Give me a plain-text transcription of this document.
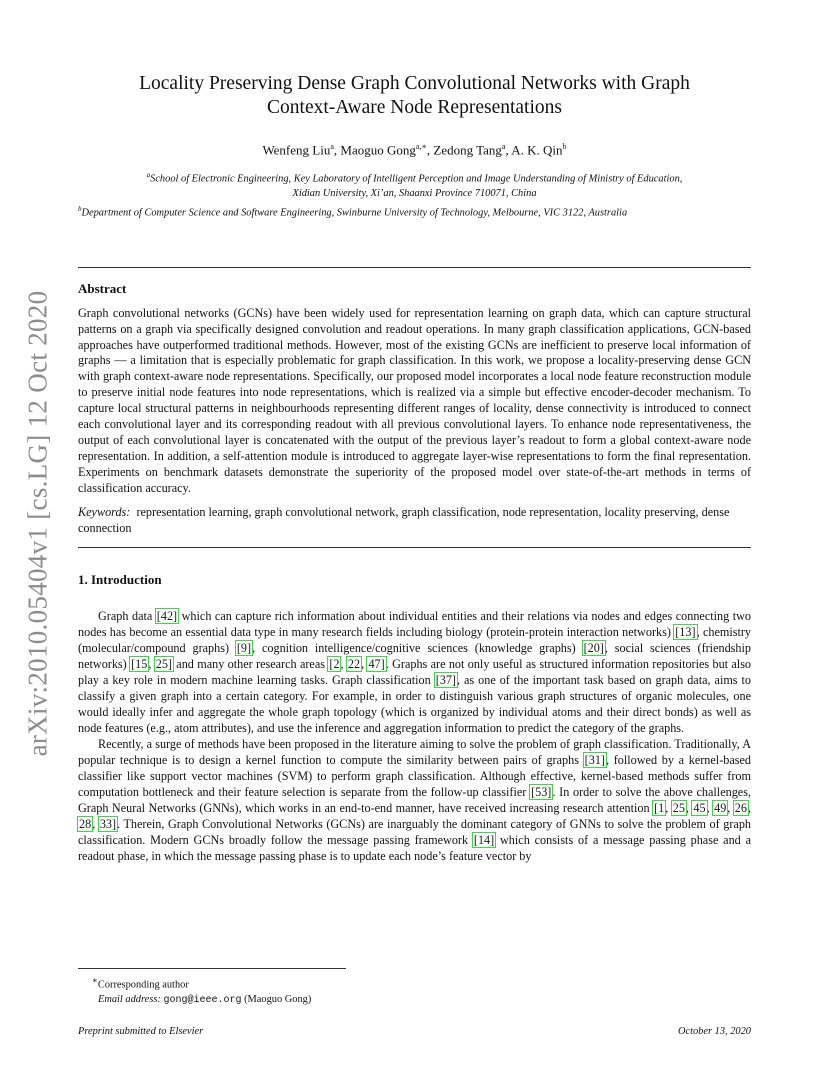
arXiv:2010.05404v1 [cs.LG] 12 Oct 2020
Locality Preserving Dense Graph Convolutional Networks with Graph
Context-Aware Node Representations
Wenfeng Liu$^a$, Maoguo Gong$^{a,∗}$, Zedong Tang$^a$, A. K. Qin$^b$
$^a$School of Electronic Engineering, Key Laboratory of Intelligent Perception and Image Understanding of Ministry of Education,
Xidian University, Xi’an, Shaanxi Province 710071, China
$^b$Department of Computer Science and Software Engineering, Swinburne University of Technology, Melbourne, VIC 3122, Australia
Abstract
Graph convolutional networks (GCNs) have been widely used for representation learning on graph data, which can capture structural patterns on a graph via specifically designed convolution and readout operations. In many graph classification applications, GCN-based approaches have outperformed traditional methods. However, most of the existing GCNs are inefficient to preserve local information of graphs — a limitation that is especially problematic for graph classification. In this work, we propose a locality-preserving dense GCN with graph context-aware node representations. Specifically, our proposed model incorporates a local node feature reconstruction module to preserve initial node features into node representations, which is realized via a simple but effective encoder-decoder mechanism. To capture local structural patterns in neighbourhoods representing different ranges of locality, dense connectivity is introduced to connect each convolutional layer and its corresponding readout with all previous convolutional layers. To enhance node representativeness, the output of each convolutional layer is concatenated with the output of the previous layer’s readout to form a global context-aware node representation. In addition, a self-attention module is introduced to aggregate layer-wise representations to form the final representation. Experiments on benchmark datasets demonstrate the superiority of the proposed model over state-of-the-art methods in terms of classification accuracy.
Keywords: representation learning, graph convolutional network, graph classification, node representation, locality preserving, dense connection
1. Introduction

Graph data [42] which can capture rich information about individual entities and their relations via nodes and edges connecting two nodes has become an essential data type in many research fields including biology (protein-protein interaction networks) [13], chemistry (molecular/compound graphs) [9], cognition intelligence/cognitive sciences (knowledge graphs) [20], social sciences (friendship networks) [15, 25] and many other research areas [2, 22, 47]. Graphs are not only useful as structured information repositories but also play a key role in modern machine learning tasks. Graph classification [37], as one of the important task based on graph data, aims to classify a given graph into a certain category. For example, in order to distinguish various graph structures of organic molecules, one would ideally infer and aggregate the whole graph topology (which is organized by individual atoms and their direct bonds) as well as node features (e.g., atom attributes), and use the inference and aggregation information to predict the category of the graphs.

Recently, a surge of methods have been proposed in the literature aiming to solve the problem of graph classification. Traditionally, A popular technique is to design a kernel function to compute the similarity between pairs of graphs [31], followed by a kernel-based classifier like support vector machines (SVM) to perform graph classification. Although effective, kernel-based methods suffer from computation bottleneck and their feature selection is separate from the follow-up classifier [53]. In order to solve the above challenges, Graph Neural Networks (GNNs), which works in an end-to-end manner, have received increasing research attention [1, 25, 45, 49, 26, 28, 33]. Therein, Graph Convolutional Networks (GCNs) are inarguably the dominant category of GNNs to solve the problem of graph classification. Modern GCNs broadly follow the message passing framework [14] which consists of a message passing phase and a readout phase, in which the message passing phase is to update each node’s feature vector by

∗Corresponding author
Email address: gong@ieee.org (Maoguo Gong)
Preprint submitted to Elsevier	October 13, 2020
